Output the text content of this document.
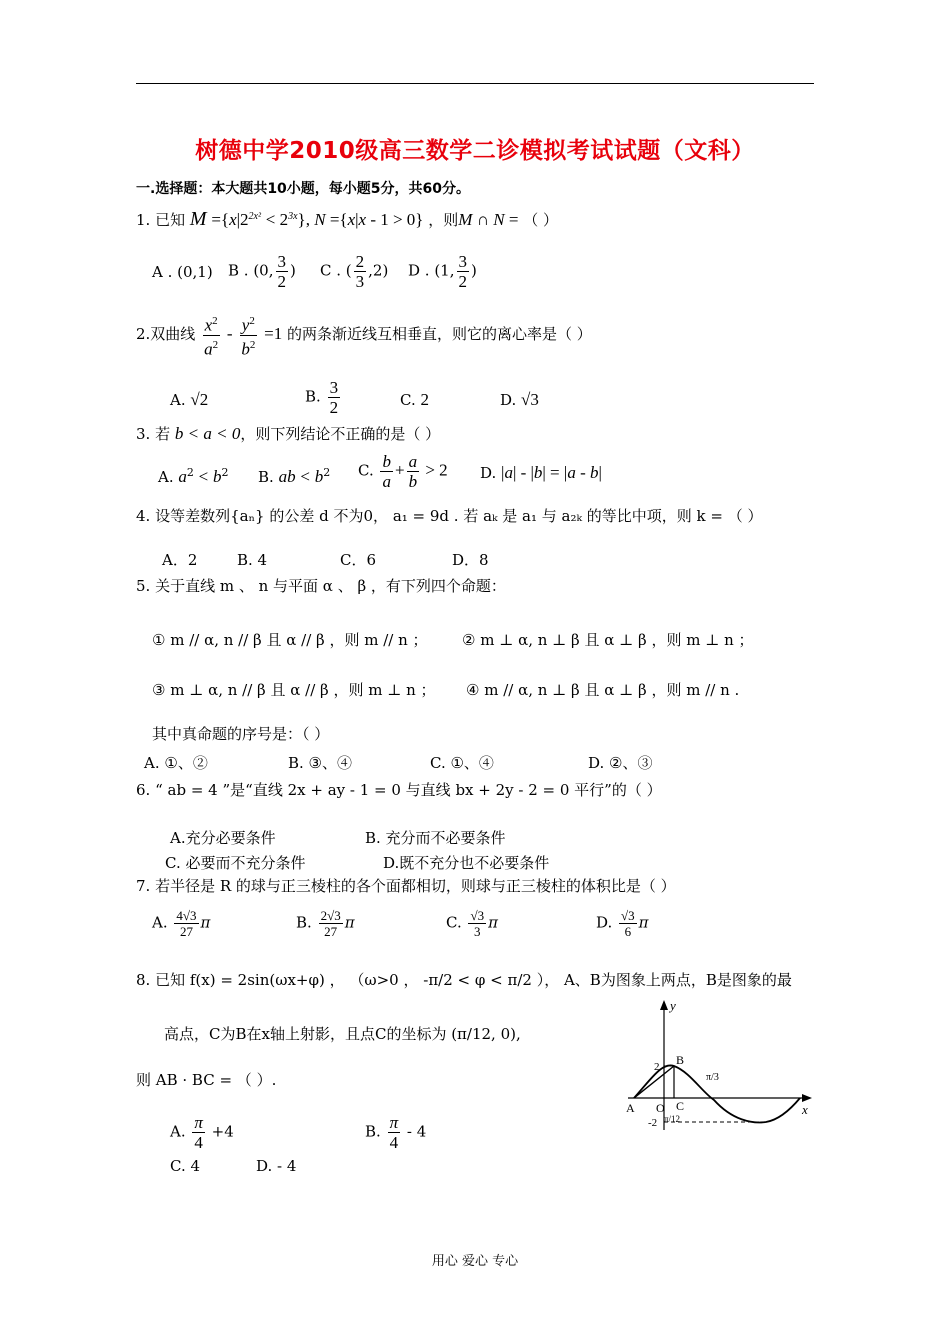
树德中学2010级高三数学二诊模拟考试试题（文科）
一.选择题：本大题共10小题，每小题5分，共60分。
1. 已知 $M =\{x|2^{2x^2} < 2^{3x}\}$, N ={x|x - 1 > 0} ，则M ∩ N = （ ）
A . (0,1) B . (0, $\frac{3}{2}$ ) C . ( $\frac{2}{3} ,2$) D . (1, $\frac{3}{2}$ )
2.双曲线 $\frac{x^2}{a^2} - \frac{y^2}{b^2} =1$ 的两条渐近线互相垂直，则它的离心率是（ ）
A. √2	B. $\frac{3}{2}$	C. 2	D. √3
3. 若 b < a < 0，则下列结论不正确的是（ ）
A. $a^2 < b^2$ B. ab < $b^2$ C. $\frac{b}{a} + \frac{a}{b} > 2$ D. |a| - |b| = |a - b|
4. 设等差数列{aₙ} 的公差 d 不为0， a₁ = 9d . 若 aₖ 是 a₁ 与 a₂ₖ 的等比中项，则 k = （ ）
A．2	B. 4	C．6	D．8
5. 关于直线 m 、 n 与平面 α 、 β ，有下列四个命题：
① m // α, n // β 且 α // β ，则 m // n ； ② m ⊥ α, n ⊥ β 且 α ⊥ β ，则 m ⊥ n ；
③ m ⊥ α, n // β 且 α // β ，则 m ⊥ n ； ④ m // α, n ⊥ β 且 α ⊥ β ，则 m // n .
其中真命题的序号是：（ ）
A. ①、②	B. ③、④	C. ①、④	D. ②、③
6. “ ab = 4 ”是“直线 2x + ay - 1 = 0 与直线 bx + 2y - 2 = 0 平行”的（ ）
A.充分必要条件	B. 充分而不必要条件
C. 必要而不充分条件	D.既不充分也不必要条件
7. 若半径是 R 的球与正三棱柱的各个面都相切，则球与正三棱柱的体积比是（ ）
A. $\frac{4√3}{27}$ π	B. $\frac{2√3}{27}$ π	C. $\frac{√3}{3}$ π	D. $\frac{√3}{6}$ π
8. 已知 f(x) = 2sin(ωx+φ) ， （ω>0 ， -π/2 < φ < π/2 ）， A、B为图象上两点，B是图象的最
高点，C为B在x轴上射影，且点C的坐标为 (π/12, 0),
则 AB · BC = （ ）.
A. $\frac{\pi}{4} +4$	B. $\frac{\pi}{4} - 4$
C. 4	D. - 4
y
x
2
-2
B
A O C
π/12
π/3
用心 爱心 专心
